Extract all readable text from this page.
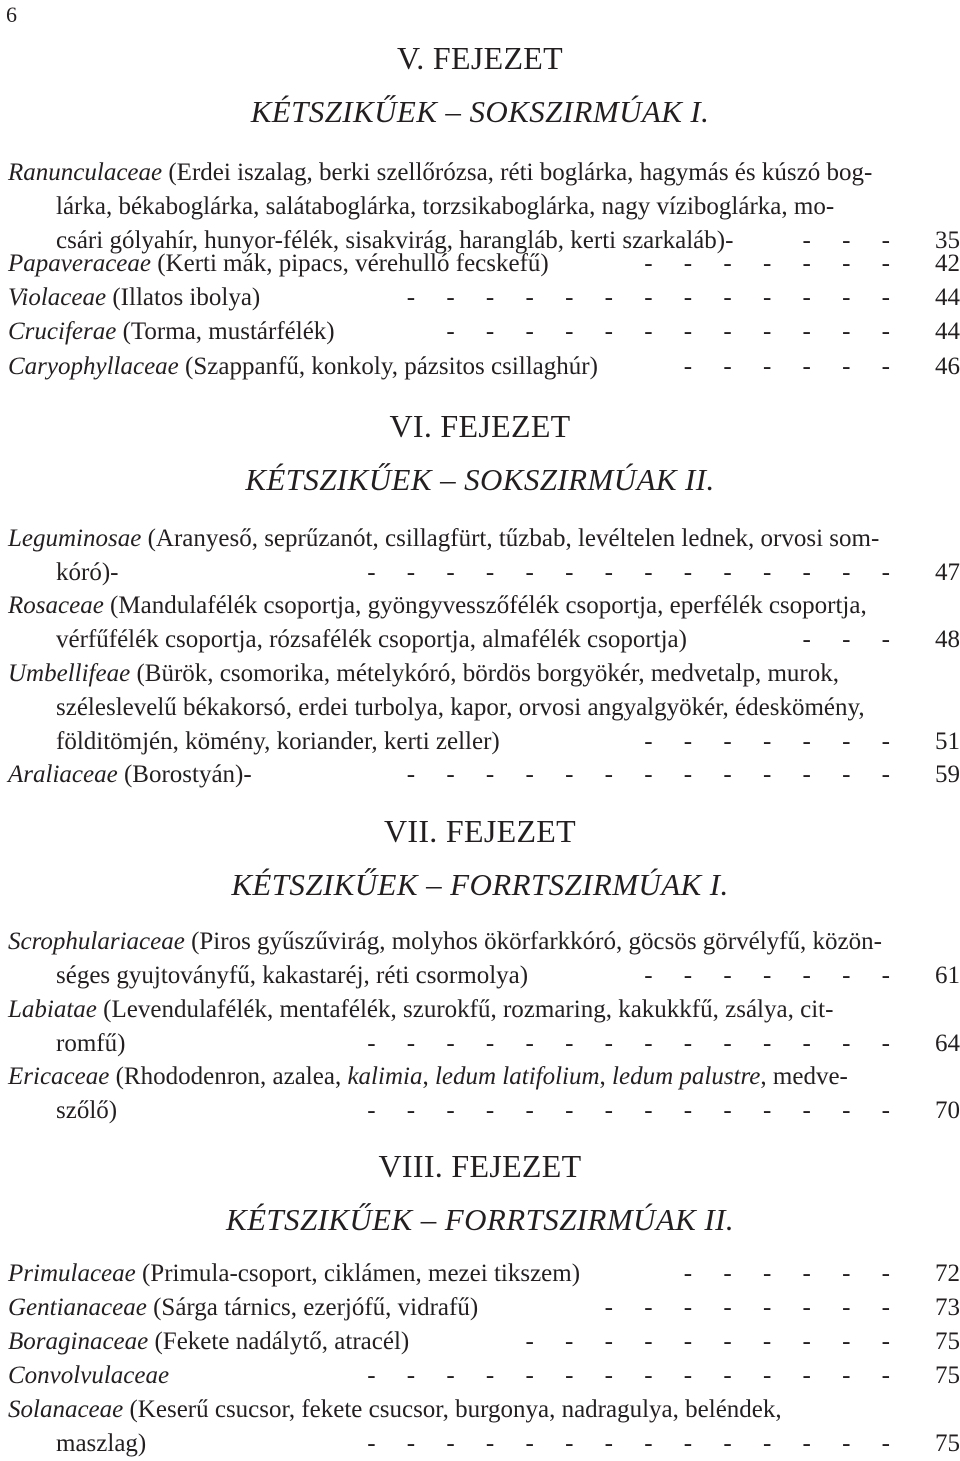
6
V. FEJEZET
KÉTSZIKŰEK – SOKSZIRMÚAK I.
Ranunculaceae (Erdei iszalag, berki szellőrózsa, réti boglárka, hagymás és kúszó bog-
lárka, békaboglárka, salátaboglárka, torzsikaboglárka, nagy víziboglárka, mo-
csári gólyahír, hunyor-félék, sisakvirág, harangláb, kerti szarkaláb)-	-     -     -	35
Papaveraceae (Kerti mák, pipacs, vérehulló fecskefű)	-     -     -     -     -     -     -	42
Violaceae (Illatos ibolya)	-     -     -     -     -     -     -     -     -     -     -     -     -	44
Cruciferae (Torma, mustárfélék)	-     -     -     -     -     -     -     -     -     -     -     -	44
Caryophyllaceae (Szappanfű, konkoly, pázsitos csillaghúr)	-     -     -     -     -     -	46
VI. FEJEZET
KÉTSZIKŰEK – SOKSZIRMÚAK II.
Leguminosae (Aranyeső, seprűzanót, csillagfürt, tűzbab, levéltelen lednek, orvosi som-
kóró)-	-     -     -     -     -     -     -     -     -     -     -     -     -     -	47
Rosaceae (Mandulafélék csoportja, gyöngyvesszőfélék csoportja, eperfélék csoportja,
vérfűfélék csoportja, rózsafélék csoportja, almafélék csoportja)	-     -     -	48
Umbellifeae (Bürök, csomorika, mételykóró, bördös borgyökér, medvetalp, murok,
széleslevelű békakorsó, erdei turbolya, kapor, orvosi angyalgyökér, édeskömény,
földitömjén, kömény, koriander, kerti zeller)	-     -     -     -     -     -     -	51
Araliaceae (Borostyán)-	-     -     -     -     -     -     -     -     -     -     -     -     -	59
VII. FEJEZET
KÉTSZIKŰEK – FORRTSZIRMÚAK I.
Scrophulariaceae (Piros gyűszűvirág, molyhos ökörfarkkóró, göcsös görvélyfű, közön-
séges gyujtoványfű, kakastaréj, réti csormolya)	-     -     -     -     -     -     -	61
Labiatae (Levendulafélék, mentafélék, szurokfű, rozmaring, kakukkfű, zsálya, cit-
romfű)	-     -     -     -     -     -     -     -     -     -     -     -     -     -	64
Ericaceae (Rhododenron, azalea, kalimia, ledum latifolium, ledum palustre, medve-
szőlő)	-     -     -     -     -     -     -     -     -     -     -     -     -     -	70
VIII. FEJEZET
KÉTSZIKŰEK – FORRTSZIRMÚAK II.
Primulaceae (Primula-csoport, ciklámen, mezei tikszem)	-     -     -     -     -     -	72
Gentianaceae (Sárga tárnics, ezerjófű, vidrafű)	-     -     -     -     -     -     -     -	73
Boraginaceae (Fekete nadálytő, atracél)	-     -     -     -     -     -     -     -     -     -	75
Convolvulaceae	-     -     -     -     -     -     -     -     -     -     -     -     -     -	75
Solanaceae (Keserű csucsor, fekete csucsor, burgonya, nadragulya, beléndek,
maszlag)	-     -     -     -     -     -     -     -     -     -     -     -     -     -	75
